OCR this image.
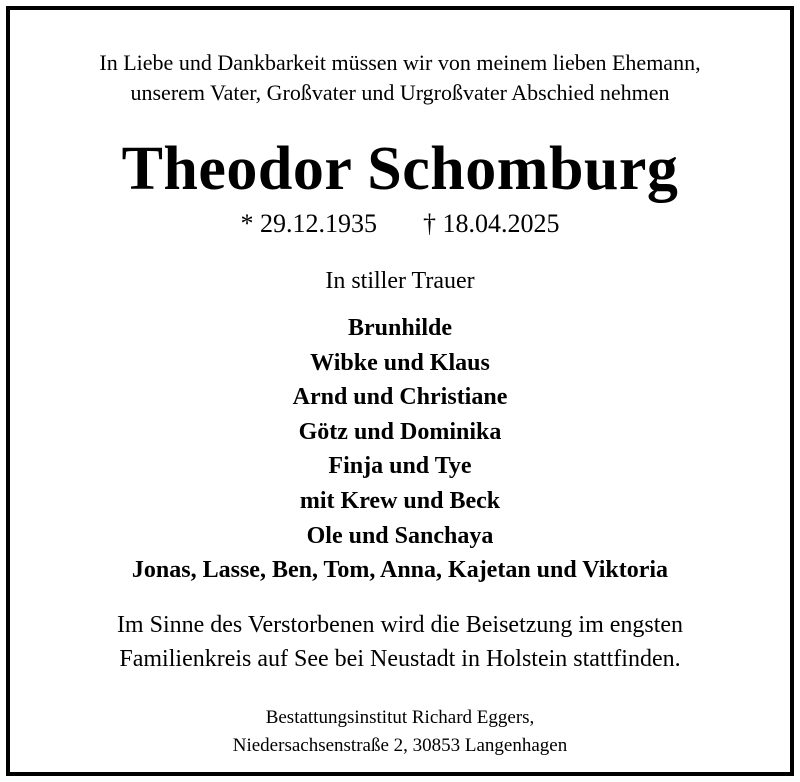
In Liebe und Dankbarkeit müssen wir von meinem lieben Ehemann,
unserem Vater, Großvater und Urgroßvater Abschied nehmen
Theodor Schomburg
* 29.12.1935 † 18.04.2025
In stiller Trauer
Brunhilde
Wibke und Klaus
Arnd und Christiane
Götz und Dominika
Finja und Tye
mit Krew und Beck
Ole und Sanchaya
Jonas, Lasse, Ben, Tom, Anna, Kajetan und Viktoria
Im Sinne des Verstorbenen wird die Beisetzung im engsten
Familienkreis auf See bei Neustadt in Holstein stattfinden.
Bestattungsinstitut Richard Eggers,
Niedersachsenstraße 2, 30853 Langenhagen
